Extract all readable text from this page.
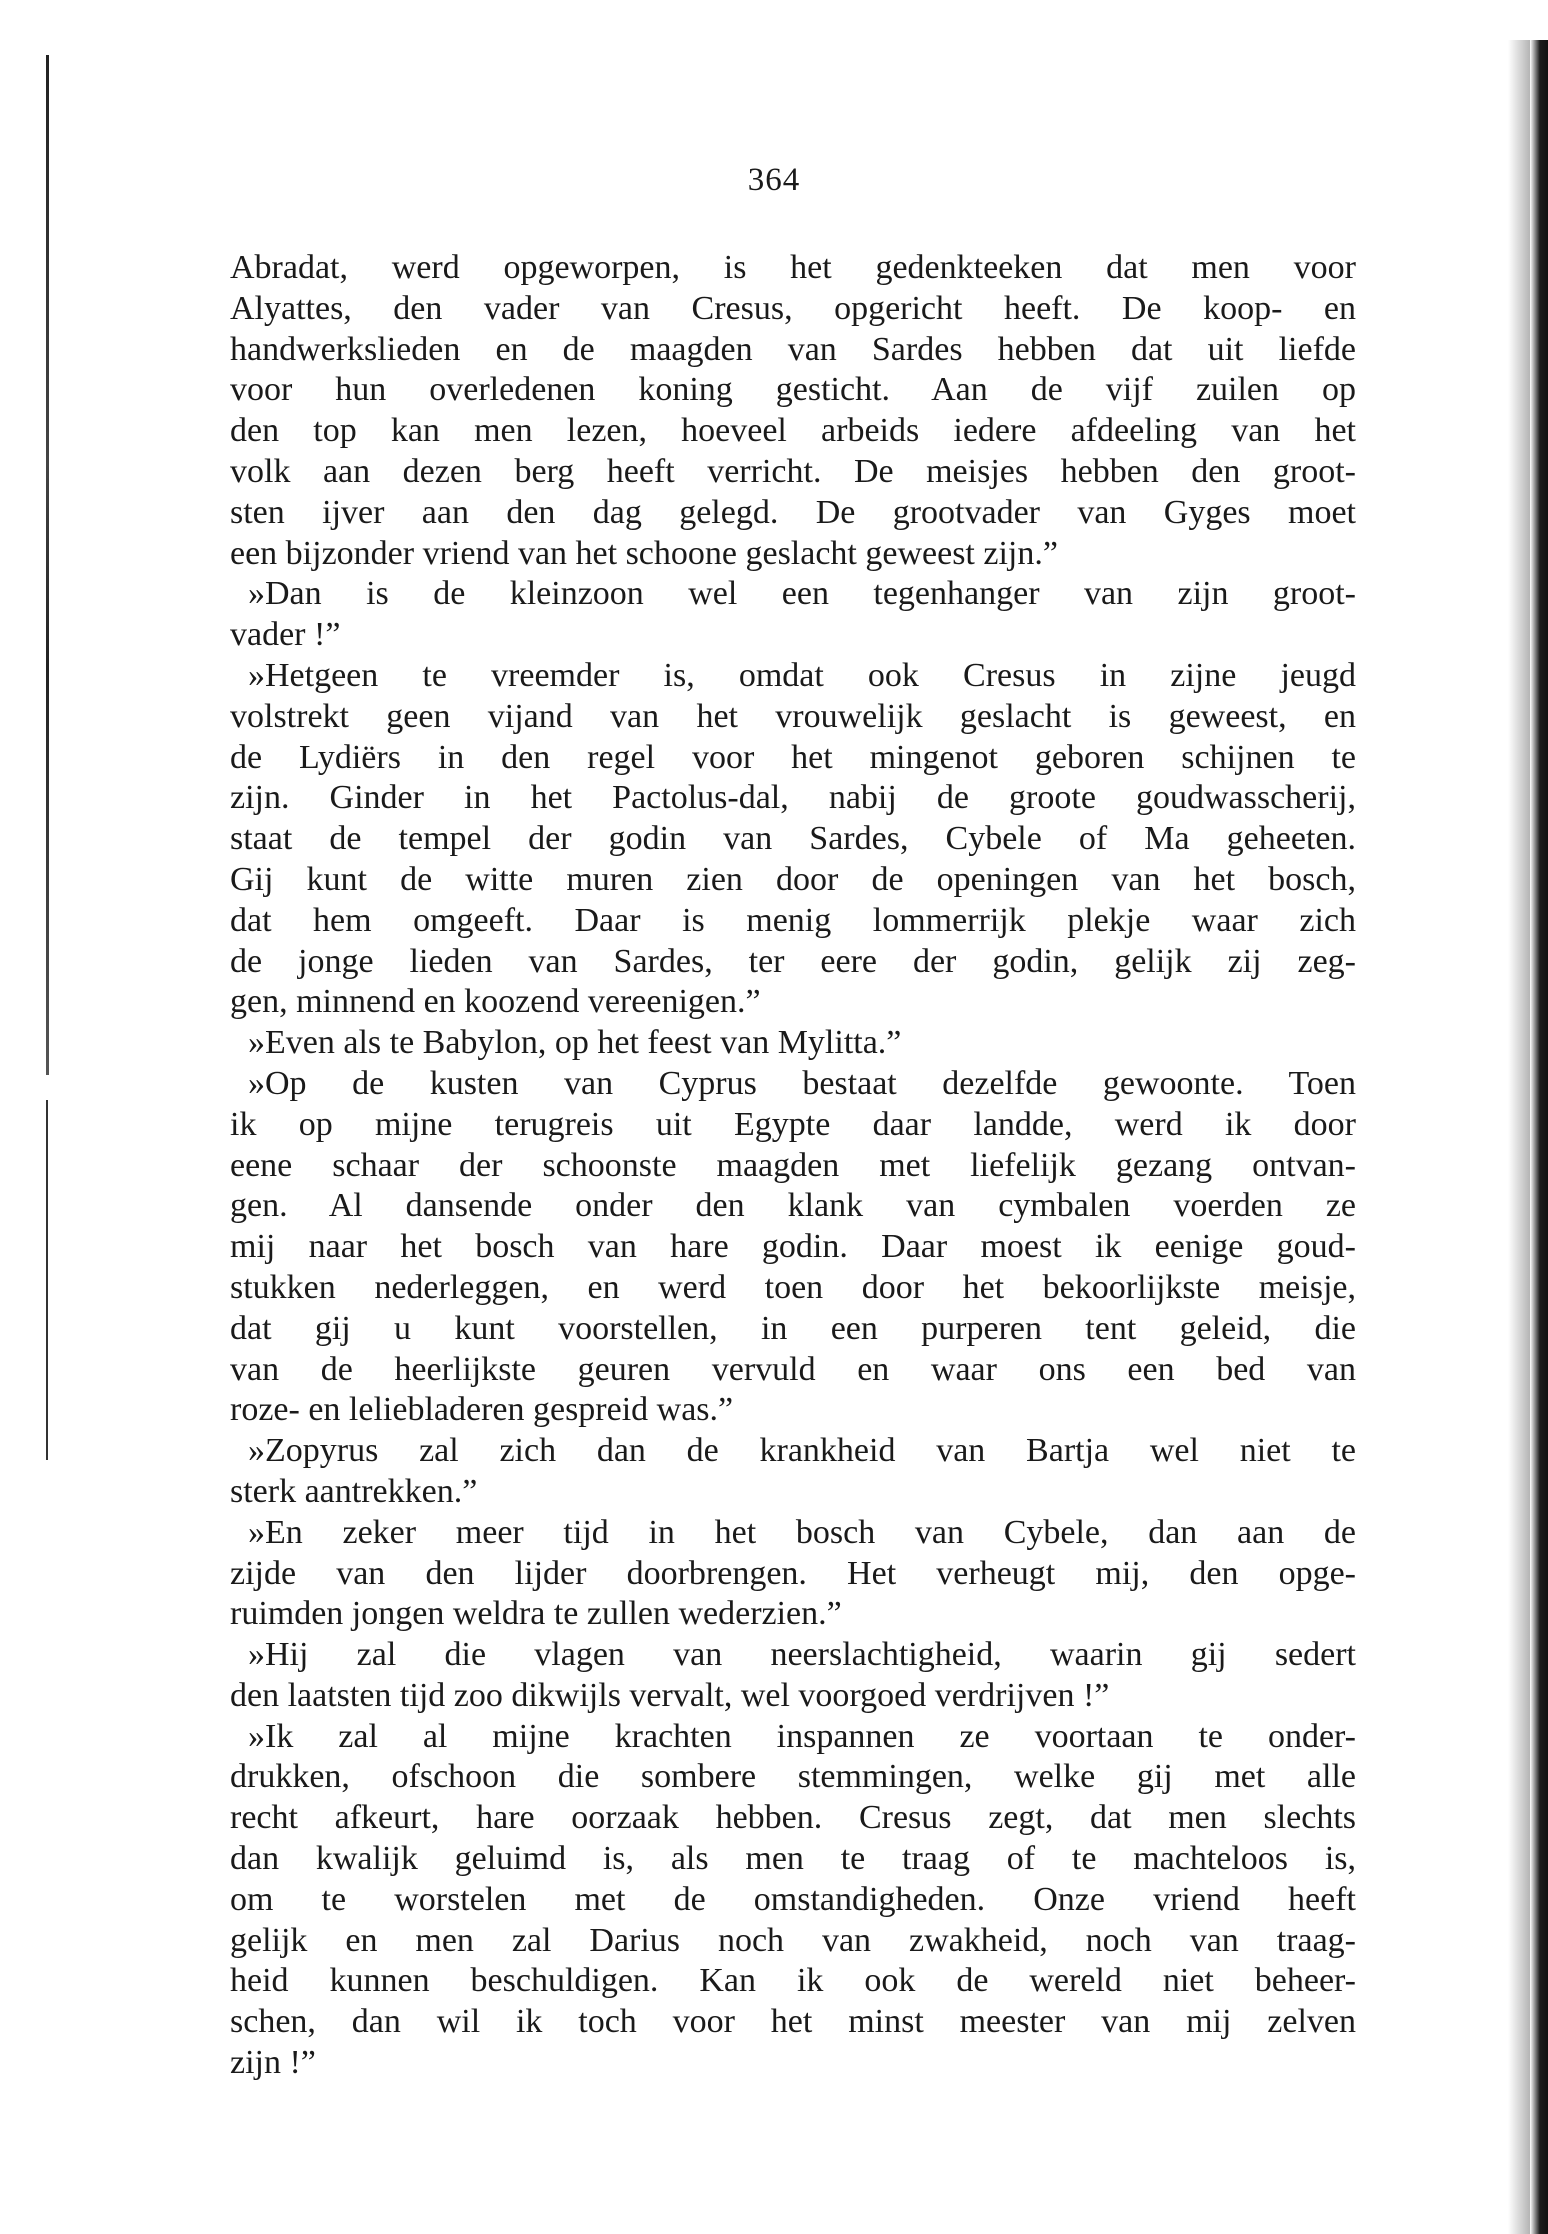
364
Abradat, werd opgeworpen, is het gedenkteeken dat men voor
Alyattes, den vader van Cresus, opgericht heeft. De koop- en
handwerkslieden en de maagden van Sardes hebben dat uit liefde
voor hun overledenen koning gesticht. Aan de vijf zuilen op
den top kan men lezen, hoeveel arbeids iedere afdeeling van het
volk aan dezen berg heeft verricht. De meisjes hebben den groot-
sten ijver aan den dag gelegd. De grootvader van Gyges moet
een bijzonder vriend van het schoone geslacht geweest zijn.”
»Dan is de kleinzoon wel een tegenhanger van zijn groot-
vader !”
»Hetgeen te vreemder is, omdat ook Cresus in zijne jeugd
volstrekt geen vijand van het vrouwelijk geslacht is geweest, en
de Lydiërs in den regel voor het mingenot geboren schijnen te
zijn. Ginder in het Pactolus-dal, nabij de groote goudwasscherij,
staat de tempel der godin van Sardes, Cybele of Ma geheeten.
Gij kunt de witte muren zien door de openingen van het bosch,
dat hem omgeeft. Daar is menig lommerrijk plekje waar zich
de jonge lieden van Sardes, ter eere der godin, gelijk zij zeg-
gen, minnend en koozend vereenigen.”
»Even als te Babylon, op het feest van Mylitta.”
»Op de kusten van Cyprus bestaat dezelfde gewoonte. Toen
ik op mijne terugreis uit Egypte daar landde, werd ik door
eene schaar der schoonste maagden met liefelijk gezang ontvan-
gen. Al dansende onder den klank van cymbalen voerden ze
mij naar het bosch van hare godin. Daar moest ik eenige goud-
stukken nederleggen, en werd toen door het bekoorlijkste meisje,
dat gij u kunt voorstellen, in een purperen tent geleid, die
van de heerlijkste geuren vervuld en waar ons een bed van
roze- en leliebladeren gespreid was.”
»Zopyrus zal zich dan de krankheid van Bartja wel niet te
sterk aantrekken.”
»En zeker meer tijd in het bosch van Cybele, dan aan de
zijde van den lijder doorbrengen. Het verheugt mij, den opge-
ruimden jongen weldra te zullen wederzien.”
»Hij zal die vlagen van neerslachtigheid, waarin gij sedert
den laatsten tijd zoo dikwijls vervalt, wel voorgoed verdrijven !”
»Ik zal al mijne krachten inspannen ze voortaan te onder-
drukken, ofschoon die sombere stemmingen, welke gij met alle
recht afkeurt, hare oorzaak hebben. Cresus zegt, dat men slechts
dan kwalijk geluimd is, als men te traag of te machteloos is,
om te worstelen met de omstandigheden. Onze vriend heeft
gelijk en men zal Darius noch van zwakheid, noch van traag-
heid kunnen beschuldigen. Kan ik ook de wereld niet beheer-
schen, dan wil ik toch voor het minst meester van mij zelven
zijn !”
